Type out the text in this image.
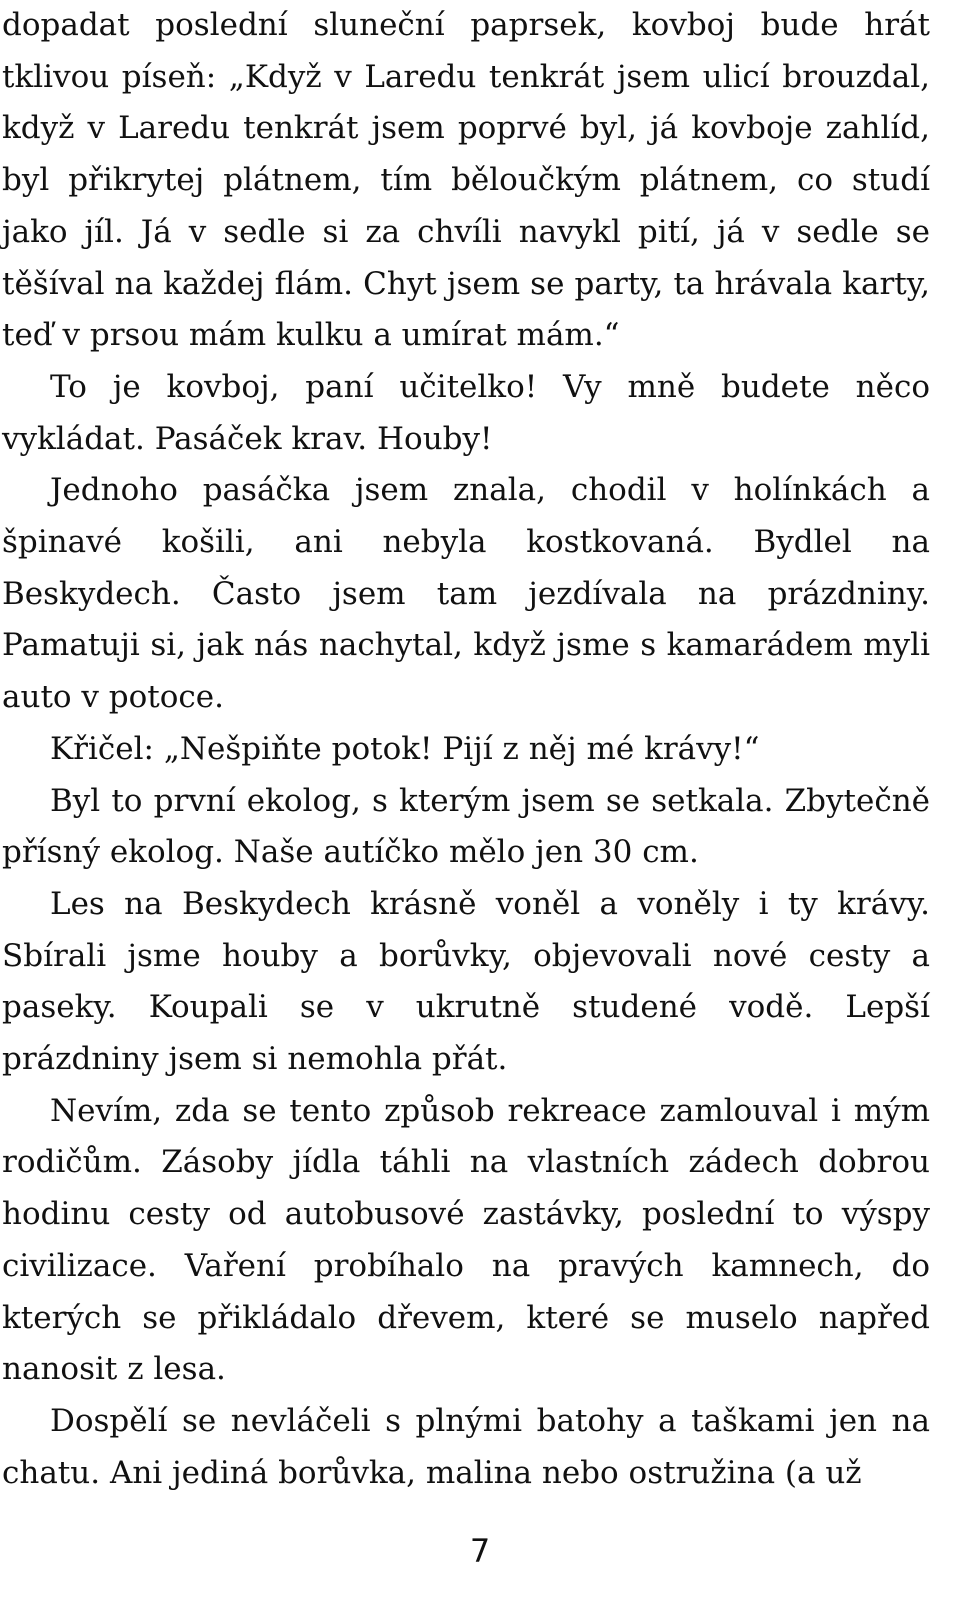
dopadat poslední sluneční paprsek, kovboj bude hrát tklivou píseň: „Když v Laredu tenkrát jsem ulicí brouzdal, když v Laredu tenkrát jsem poprvé byl, já kovboje zahlíd, byl přikrytej plátnem, tím běloučkým plátnem, co studí jako jíl. Já v sedle si za chvíli navykl pití, já v sedle se těšíval na každej flám. Chyt jsem se party, ta hrávala karty, teď v prsou mám kulku a umírat mám.“

To je kovboj, paní učitelko! Vy mně budete něco vykládat. Pasáček krav. Houby!

Jednoho pasáčka jsem znala, chodil v holínkách a špinavé košili, ani nebyla kostkovaná. Bydlel na Beskydech. Často jsem tam jezdívala na prázdniny. Pamatuji si, jak nás nachytal, když jsme s kamarádem myli auto v potoce.

Křičel: „Nešpiňte potok! Pijí z něj mé krávy!“

Byl to první ekolog, s kterým jsem se setkala. Zbytečně přísný ekolog. Naše autíčko mělo jen 30 cm.

Les na Beskydech krásně voněl a voněly i ty krávy. Sbírali jsme houby a borůvky, objevovali nové cesty a paseky. Koupali se v ukrutně studené vodě. Lepší prázdniny jsem si nemohla přát.

Nevím, zda se tento způsob rekreace zamlouval i mým rodičům. Zásoby jídla táhli na vlastních zádech dobrou hodinu cesty od autobusové zastávky, poslední to výspy civilizace. Vaření probíhalo na pravých kamnech, do kterých se přikládalo dřevem, které se muselo napřed nanosit z lesa.

Dospělí se nevláčeli s plnými batohy a taškami jen na chatu. Ani jediná borůvka, malina nebo ostružina (a už

7
